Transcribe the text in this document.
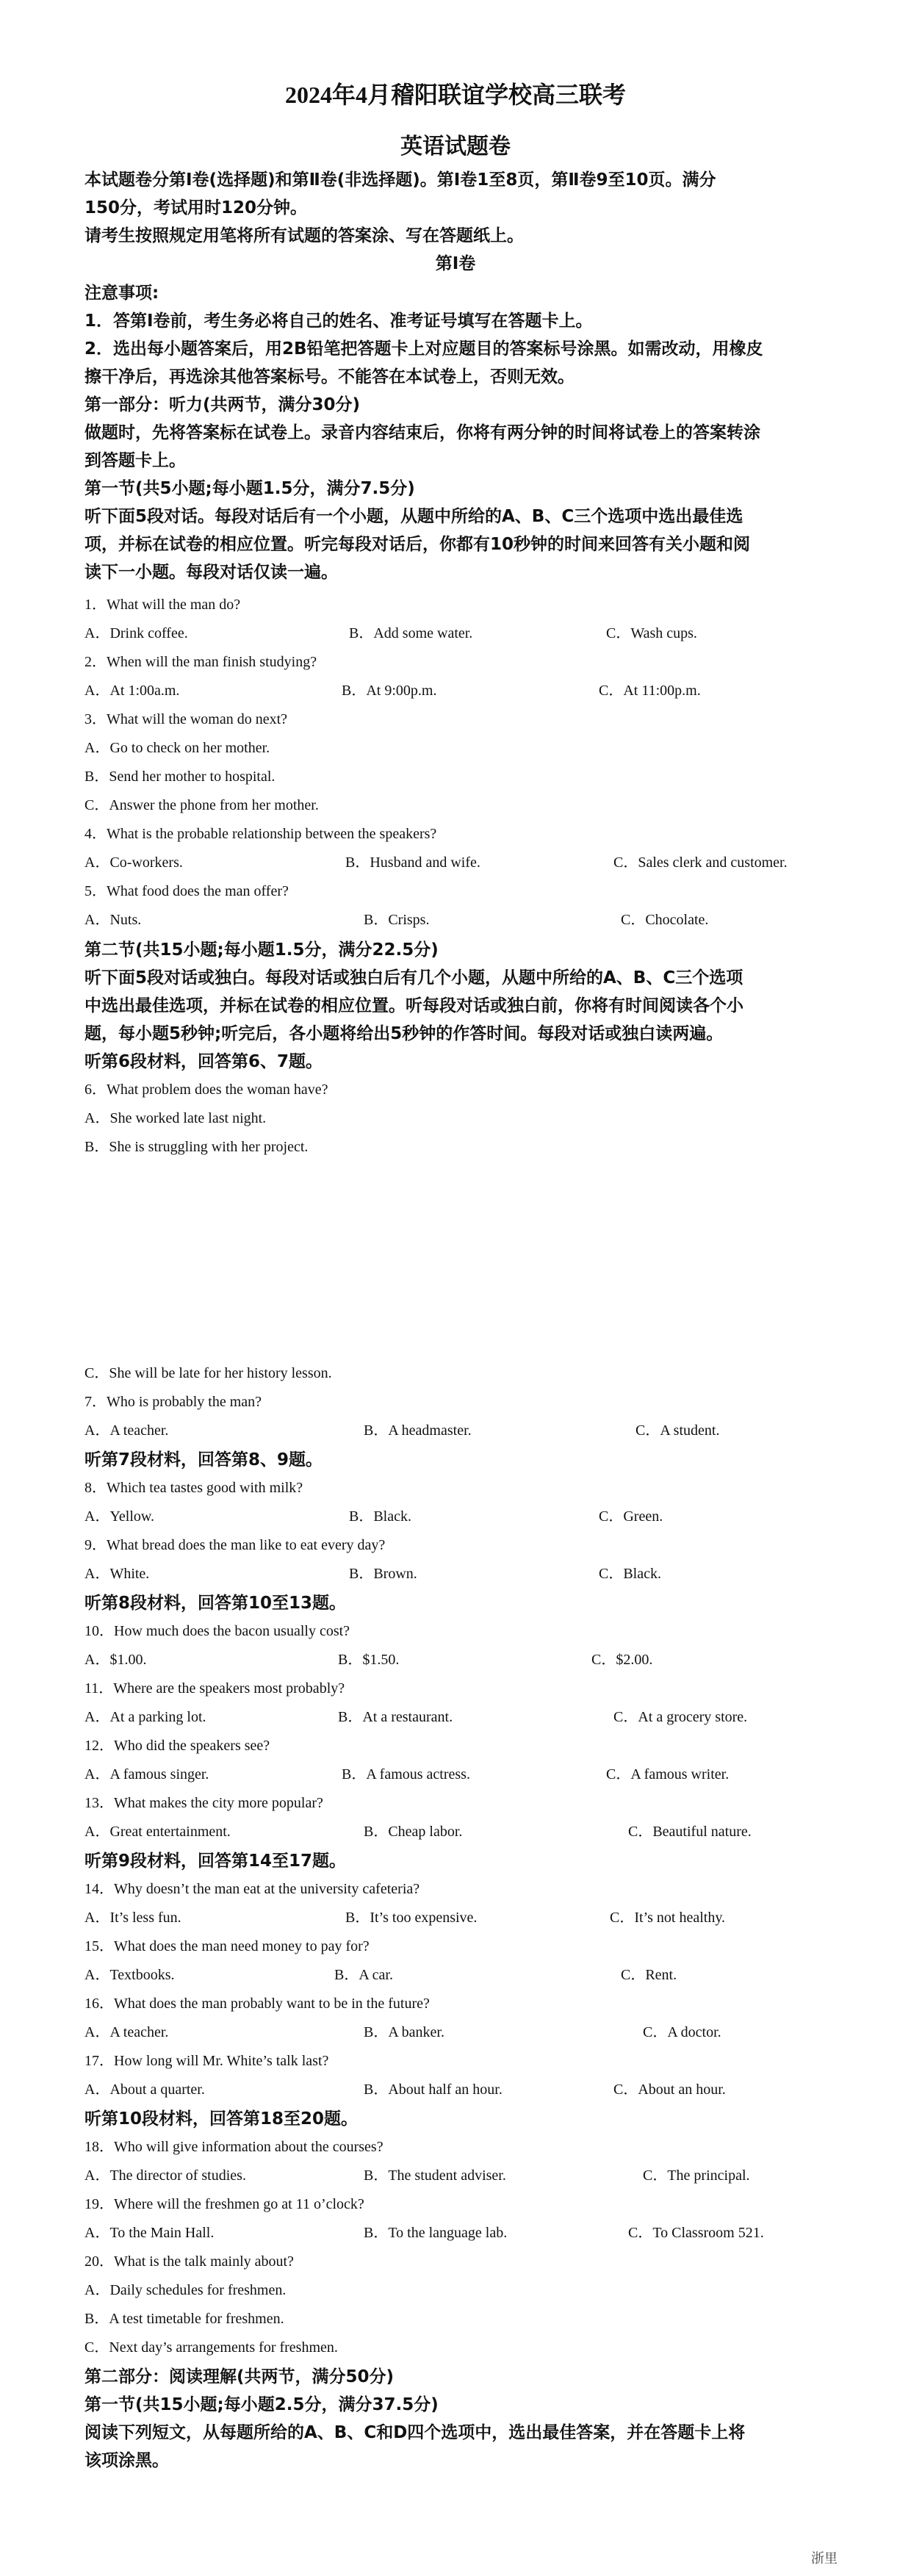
2024年4月稽阳联谊学校高三联考
英语试题卷
本试题卷分第Ⅰ卷(选择题)和第Ⅱ卷(非选择题)。第Ⅰ卷1至8页，第Ⅱ卷9至10页。满分
150分，考试用时120分钟。
请考生按照规定用笔将所有试题的答案涂、写在答题纸上。
第Ⅰ卷
注意事项:
1．答第Ⅰ卷前，考生务必将自己的姓名、准考证号填写在答题卡上。
2．选出每小题答案后，用2B铅笔把答题卡上对应题目的答案标号涂黑。如需改动，用橡皮
擦干净后，再选涂其他答案标号。不能答在本试卷上，否则无效。
第一部分：听力(共两节，满分30分)
做题时，先将答案标在试卷上。录音内容结束后，你将有两分钟的时间将试卷上的答案转涂
到答题卡上。
第一节(共5小题;每小题1.5分，满分7.5分)
听下面5段对话。每段对话后有一个小题，从题中所给的A、B、C三个选项中选出最佳选
项，并标在试卷的相应位置。听完每段对话后，你都有10秒钟的时间来回答有关小题和阅
读下一小题。每段对话仅读一遍。
1．What will the man do?
A．Drink coffee.	B．Add some water.	C．Wash cups.
2．When will the man finish studying?
A．At 1:00a.m.	B．At 9:00p.m.	C．At 11:00p.m.
3．What will the woman do next?
A．Go to check on her mother.
B．Send her mother to hospital.
C．Answer the phone from her mother.
4．What is the probable relationship between the speakers?
A．Co-workers.	B．Husband and wife.	C．Sales clerk and customer.
5．What food does the man offer?
A．Nuts.	B．Crisps.	C．Chocolate.
第二节(共15小题;每小题1.5分，满分22.5分)
听下面5段对话或独白。每段对话或独白后有几个小题，从题中所给的A、B、C三个选项
中选出最佳选项，并标在试卷的相应位置。听每段对话或独白前，你将有时间阅读各个小
题，每小题5秒钟;听完后，各小题将给出5秒钟的作答时间。每段对话或独白读两遍。
听第6段材料，回答第6、7题。
6．What problem does the woman have?
A．She worked late last night.
B．She is struggling with her project.
C．She will be late for her history lesson.
7．Who is probably the man?
A．A teacher.	B．A headmaster.	C．A student.
听第7段材料，回答第8、9题。
8．Which tea tastes good with milk?
A．Yellow.	B．Black.	C．Green.
9．What bread does the man like to eat every day?
A．White.	B．Brown.	C．Black.
听第8段材料，回答第10至13题。
10．How much does the bacon usually cost?
A．$1.00.	B．$1.50.	C．$2.00.
11．Where are the speakers most probably?
A．At a parking lot.	B．At a restaurant.	C．At a grocery store.
12．Who did the speakers see?
A．A famous singer.	B．A famous actress.	C．A famous writer.
13．What makes the city more popular?
A．Great entertainment.	B．Cheap labor.	C．Beautiful nature.
听第9段材料，回答第14至17题。
14．Why doesn’t the man eat at the university cafeteria?
A．It’s less fun.	B．It’s too expensive.	C．It’s not healthy.
15．What does the man need money to pay for?
A．Textbooks.	B．A car.	C．Rent.
16．What does the man probably want to be in the future?
A．A teacher.	B．A banker.	C．A doctor.
17．How long will Mr. White’s talk last?
A．About a quarter.	B．About half an hour.	C．About an hour.
听第10段材料，回答第18至20题。
18．Who will give information about the courses?
A．The director of studies.	B．The student adviser.	C．The principal.
19．Where will the freshmen go at 11 o’clock?
A．To the Main Hall.	B．To the language lab.	C．To Classroom 521.
20．What is the talk mainly about?
A．Daily schedules for freshmen.
B．A test timetable for freshmen.
C．Next day’s arrangements for freshmen.
第二部分：阅读理解(共两节，满分50分)
第一节(共15小题;每小题2.5分，满分37.5分)
阅读下列短文，从每题所给的A、B、C和D四个选项中，选出最佳答案，并在答题卡上将
该项涂黑。
浙里
